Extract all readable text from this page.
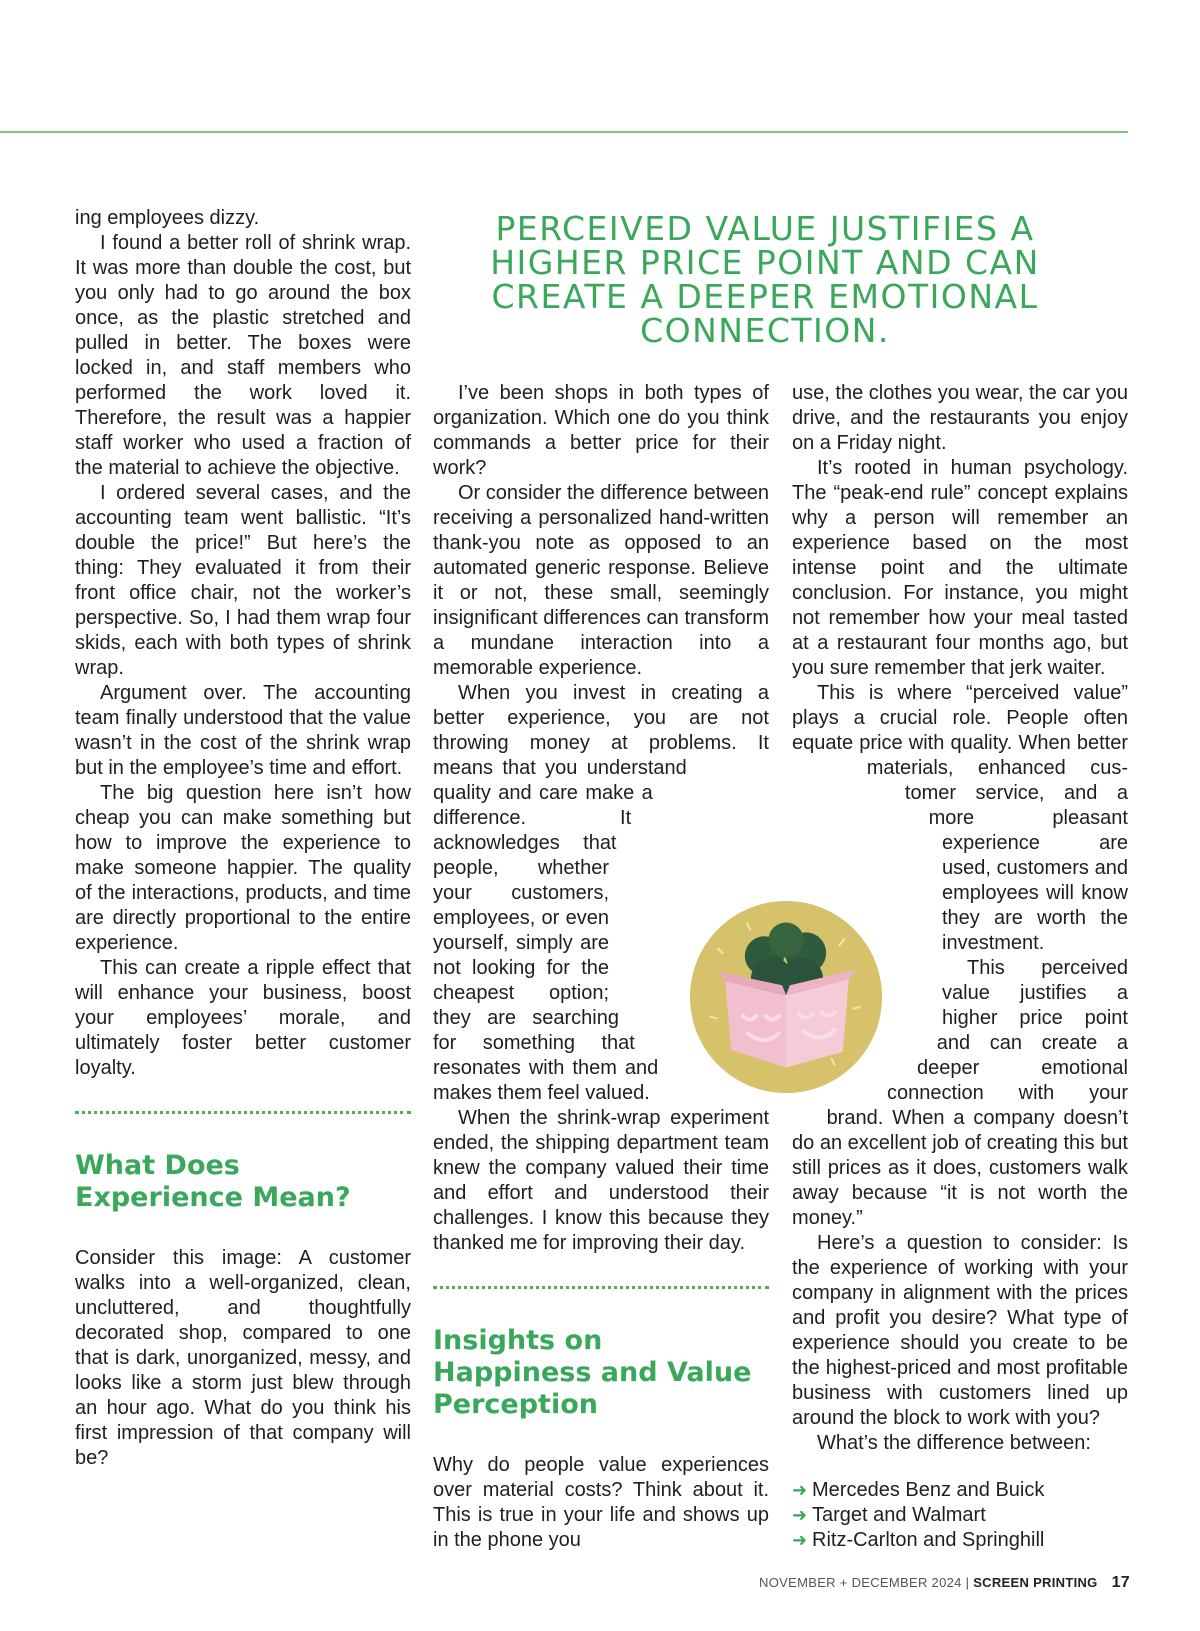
PERCEIVED VALUE JUSTIFIES A HIGHER PRICE POINT AND CAN CREATE A DEEPER EMOTIONAL CONNECTION.

ing employees dizzy.

I found a better roll of shrink wrap. It was more than double the cost, but you only had to go around the box once, as the plastic stretched and pulled in better. The boxes were locked in, and staff members who performed the work loved it. Therefore, the result was a happier staff worker who used a fraction of the material to achieve the objective.

I ordered several cases, and the accounting team went ballistic. “It’s double the price!” But here’s the thing: They evaluated it from their front office chair, not the worker’s perspective. So, I had them wrap four skids, each with both types of shrink wrap.

Argument over. The accounting team finally understood that the value wasn’t in the cost of the shrink wrap but in the employee’s time and effort.

The big question here isn’t how cheap you can make something but how to improve the experience to make someone happier. The quality of the interactions, products, and time are directly proportional to the entire experience.

This can create a ripple effect that will enhance your business, boost your employees’ morale, and ultimately foster better customer loyalty.

What Does Experience Mean?

Consider this image: A customer walks into a well-organized, clean, uncluttered, and thoughtfully decorated shop, compared to one that is dark, unorganized, messy, and looks like a storm just blew through an hour ago. What do you think his first impression of that company will be?

I’ve been shops in both types of organization. Which one do you think commands a better price for their work?

Or consider the difference between receiving a personalized hand-written thank-you note as opposed to an automated generic response. Believe it or not, these small, seemingly insignificant differences can transform a mundane interaction into a memorable experience.

When you invest in creating a better experience, you are not throwing money at problems. It means that you understand quality and care make a difference. It acknowledges that people, whether your customers, employees, or even yourself, simply are not looking for the cheapest option; they are searching for something that resonates with them and makes them feel valued.

When the shrink-wrap experiment ended, the shipping department team knew the company valued their time and effort and understood their challenges. I know this because they thanked me for improving their day.

Insights on Happiness and Value Perception

Why do people value experiences over material costs? Think about it. This is true in your life and shows up in the phone you

use, the clothes you wear, the car you drive, and the restaurants you enjoy on a Friday night.

It’s rooted in human psychology. The “peak-end rule” concept explains why a person will remember an experience based on the most intense point and the ultimate conclusion. For instance, you might not remember how your meal tasted at a restaurant four months ago, but you sure remember that jerk waiter.

This is where “perceived value” plays a crucial role. People often equate price with quality. When better materials, enhanced customer service, and a more pleasant experience are used, customers and employees will know they are worth the investment.

This perceived value justifies a higher price point and can create a deeper emotional connection with your brand. When a company doesn’t do an excellent job of creating this but still prices as it does, customers walk away because “it is not worth the money.”

Here’s a question to consider: Is the experience of working with your company in alignment with the prices and profit you desire? What type of experience should you create to be the highest-priced and most profitable business with customers lined up around the block to work with you?

What’s the difference between:

➜ Mercedes Benz and Buick
➜ Target and Walmart
➜ Ritz-Carlton and Springhill
NOVEMBER + DECEMBER 2024 | SCREEN PRINTING 17
